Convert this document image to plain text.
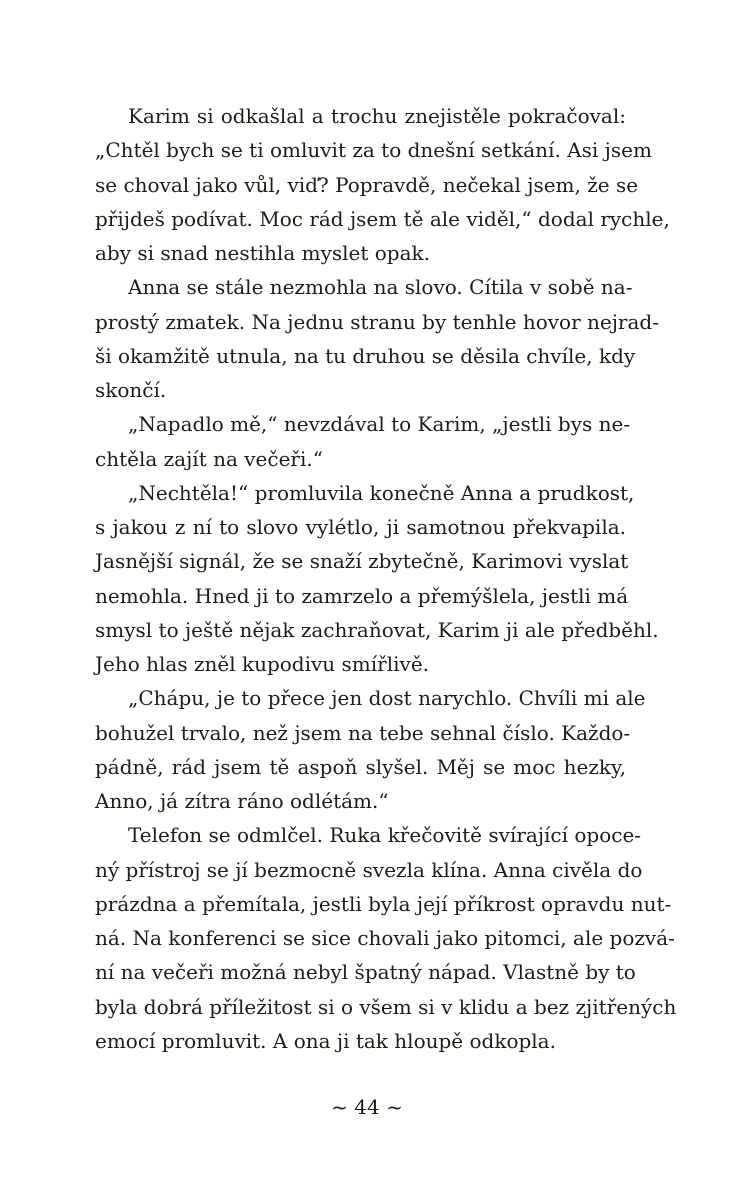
Karim si odkašlal a trochu znejistěle pokračoval:
„Chtěl bych se ti omluvit za to dnešní setkání. Asi jsem
se choval jako vůl, viď? Popravdě, nečekal jsem, že se
přijdeš podívat. Moc rád jsem tě ale viděl,“ dodal rychle,
aby si snad nestihla myslet opak.
Anna se stále nezmohla na slovo. Cítila v sobě na-
prostý zmatek. Na jednu stranu by tenhle hovor nejrad-
ši okamžitě utnula, na tu druhou se děsila chvíle, kdy
skončí.
„Napadlo mě,“ nevzdával to Karim, „jestli bys ne-
chtěla zajít na večeři.“
„Nechtěla!“ promluvila konečně Anna a prudkost,
s jakou z ní to slovo vylétlo, ji samotnou překvapila.
Jasnější signál, že se snaží zbytečně, Karimovi vyslat
nemohla. Hned ji to zamrzelo a přemýšlela, jestli má
smysl to ještě nějak zachraňovat, Karim ji ale předběhl.
Jeho hlas zněl kupodivu smířlivě.
„Chápu, je to přece jen dost narychlo. Chvíli mi ale
bohužel trvalo, než jsem na tebe sehnal číslo. Každo-
pádně, rád jsem tě aspoň slyšel. Měj se moc hezky,
Anno, já zítra ráno odlétám.“
Telefon se odmlčel. Ruka křečovitě svírající opoce-
ný přístroj se jí bezmocně svezla klína. Anna civěla do
prázdna a přemítala, jestli byla její příkrost opravdu nut-
ná. Na konferenci se sice chovali jako pitomci, ale pozvá-
ní na večeři možná nebyl špatný nápad. Vlastně by to
byla dobrá příležitost si o všem si v klidu a bez zjitřených
emocí promluvit. A ona ji tak hloupě odkopla.
~ 44 ~
